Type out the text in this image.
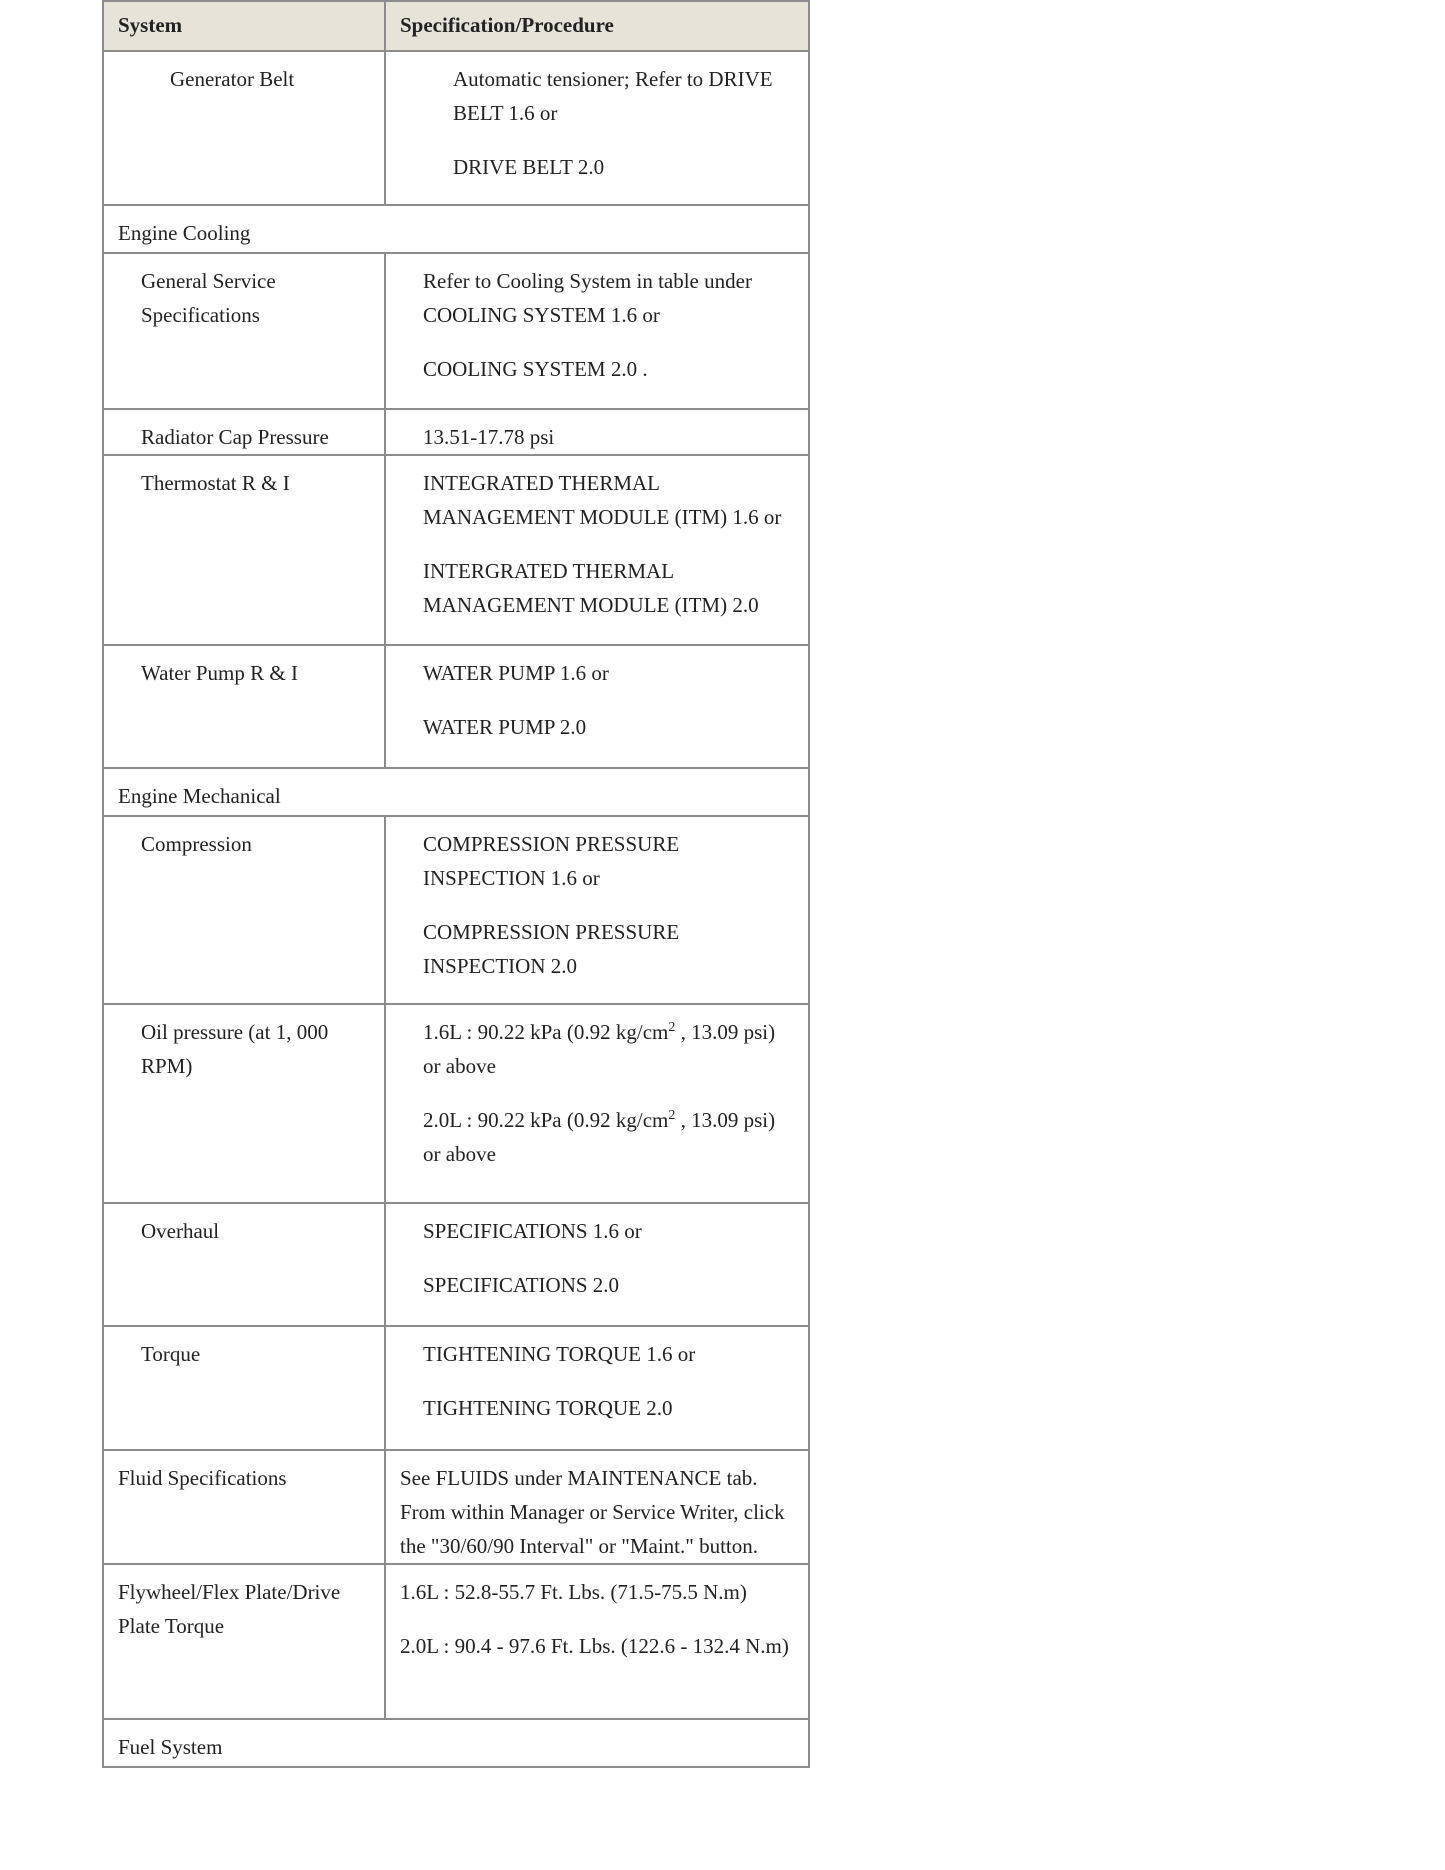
System	Specification/Procedure
Generator Belt	Automatic tensioner; Refer to DRIVE BELT 1.6 or

DRIVE BELT 2.0

Engine Cooling	
General Service Specifications	Refer to Cooling System in table under COOLING SYSTEM 1.6 or

COOLING SYSTEM 2.0 .

Radiator Cap Pressure	13.51-17.78 psi

Thermostat R & I	INTEGRATED THERMAL MANAGEMENT MODULE (ITM) 1.6 or

INTERGRATED THERMAL MANAGEMENT MODULE (ITM) 2.0

Water Pump R & I	WATER PUMP 1.6 or

WATER PUMP 2.0

Engine Mechanical	
Compression	COMPRESSION PRESSURE INSPECTION 1.6 or

COMPRESSION PRESSURE INSPECTION 2.0

Oil pressure (at 1, 000 RPM)	1.6L : 90.22 kPa (0.92 $kg/cm^2$ , 13.09 psi) or above

2.0L : 90.22 kPa (0.92 $kg/cm^2$ , 13.09 psi) or above

Overhaul	SPECIFICATIONS 1.6 or

SPECIFICATIONS 2.0

Torque	TIGHTENING TORQUE 1.6 or

TIGHTENING TORQUE 2.0

Fluid Specifications	See FLUIDS under MAINTENANCE tab. From within Manager or Service Writer, click the "30/60/90 Interval" or "Maint." button.

Flywheel/Flex Plate/Drive Plate Torque	1.6L : 52.8-55.7 Ft. Lbs. (71.5-75.5 N.m)

2.0L : 90.4 - 97.6 Ft. Lbs. (122.6 - 132.4 N.m)

Fuel System	
